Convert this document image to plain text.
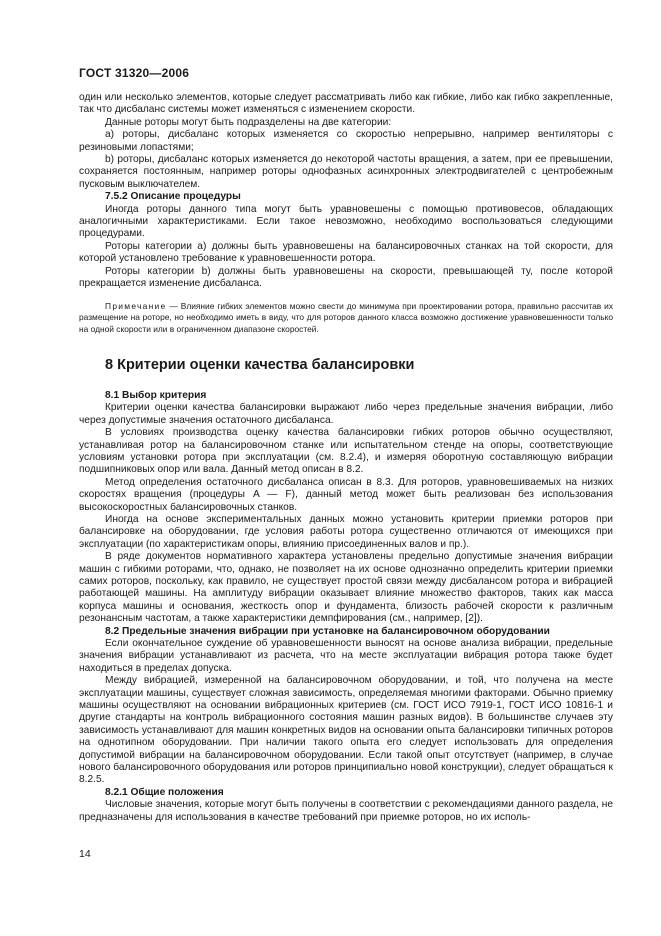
ГОСТ 31320—2006

один или несколько элементов, которые следует рассматривать либо как гибкие, либо как гибко закрепленные, так что дисбаланс системы может изменяться с изменением скорости.

Данные роторы могут быть подразделены на две категории:

а) роторы, дисбаланс которых изменяется со скоростью непрерывно, например вентиляторы с резиновыми лопастями;

b) роторы, дисбаланс которых изменяется до некоторой частоты вращения, а затем, при ее превышении, сохраняется постоянным, например роторы однофазных асинхронных электродвигателей с центробежным пусковым выключателем.

7.5.2 Описание процедуры

Иногда роторы данного типа могут быть уравновешены с помощью противовесов, обладающих аналогичными характеристиками. Если такое невозможно, необходимо воспользоваться следующими процедурами.

Роторы категории а) должны быть уравновешены на балансировочных станках на той скорости, для которой установлено требование к уравновешенности ротора.

Роторы категории b) должны быть уравновешены на скорости, превышающей ту, после которой прекращается изменение дисбаланса.

Примечание — Влияние гибких элементов можно свести до минимума при проектировании ротора, правильно рассчитав их размещение на роторе, но необходимо иметь в виду, что для роторов данного класса возможно достижение уравновешенности только на одной скорости или в ограниченном диапазоне скоростей.

8 Критерии оценки качества балансировки

8.1 Выбор критерия

Критерии оценки качества балансировки выражают либо через предельные значения вибрации, либо через допустимые значения остаточного дисбаланса.

В условиях производства оценку качества балансировки гибких роторов обычно осуществляют, устанавливая ротор на балансировочном станке или испытательном стенде на опоры, соответствующие условиям установки ротора при эксплуатации (см. 8.2.4), и измеряя оборотную составляющую вибрации подшипниковых опор или вала. Данный метод описан в 8.2.

Метод определения остаточного дисбаланса описан в 8.3. Для роторов, уравновешиваемых на низких скоростях вращения (процедуры A — F), данный метод может быть реализован без использования высокоскоростных балансировочных станков.

Иногда на основе экспериментальных данных можно установить критерии приемки роторов при балансировке на оборудовании, где условия работы ротора существенно отличаются от имеющихся при эксплуатации (по характеристикам опоры, влиянию присоединенных валов и пр.).

В ряде документов нормативного характера установлены предельно допустимые значения вибрации машин с гибкими роторами, что, однако, не позволяет на их основе однозначно определить критерии приемки самих роторов, поскольку, как правило, не существует простой связи между дисбалансом ротора и вибрацией работающей машины. На амплитуду вибрации оказывает влияние множество факторов, таких как масса корпуса машины и основания, жесткость опор и фундамента, близость рабочей скорости к различным резонансным частотам, а также характеристики демпфирования (см., например, [2]).

8.2 Предельные значения вибрации при установке на балансировочном оборудовании

Если окончательное суждение об уравновешенности выносят на основе анализа вибрации, предельные значения вибрации устанавливают из расчета, что на месте эксплуатации вибрация ротора также будет находиться в пределах допуска.

Между вибрацией, измеренной на балансировочном оборудовании, и той, что получена на месте эксплуатации машины, существует сложная зависимость, определяемая многими факторами. Обычно приемку машины осуществляют на основании вибрационных критериев (см. ГОСТ ИСО 7919-1, ГОСТ ИСО 10816-1 и другие стандарты на контроль вибрационного состояния машин разных видов). В большинстве случаев эту зависимость устанавливают для машин конкретных видов на основании опыта балансировки типичных роторов на однотипном оборудовании. При наличии такого опыта его следует использовать для определения допустимой вибрации на балансировочном оборудовании. Если такой опыт отсутствует (например, в случае нового балансировочного оборудования или роторов принципиально новой конструкции), следует обращаться к 8.2.5.

8.2.1 Общие положения

Числовые значения, которые могут быть получены в соответствии с рекомендациями данного раздела, не предназначены для использования в качестве требований при приемке роторов, но их исполь-

14
